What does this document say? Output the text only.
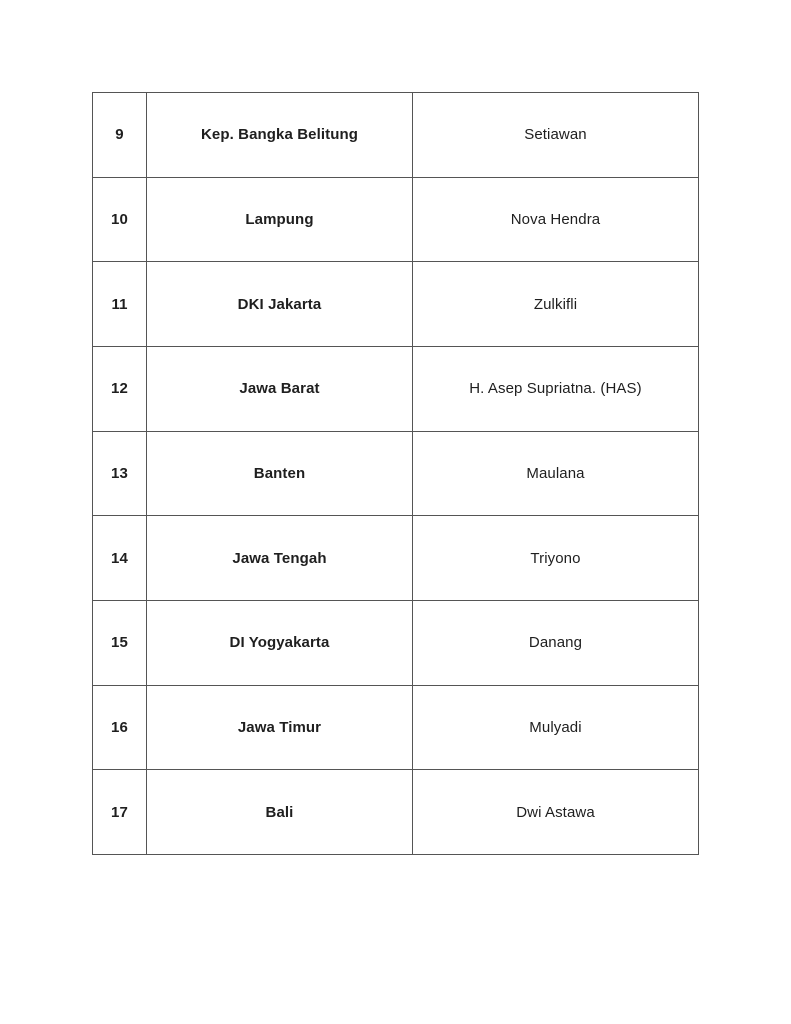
9	Kep. Bangka Belitung	Setiawan
10	Lampung	Nova Hendra
11	DKI Jakarta	Zulkifli
12	Jawa Barat	H. Asep Supriatna. (HAS)
13	Banten	Maulana
14	Jawa Tengah	Triyono
15	DI Yogyakarta	Danang
16	Jawa Timur	Mulyadi
17	Bali	Dwi Astawa
